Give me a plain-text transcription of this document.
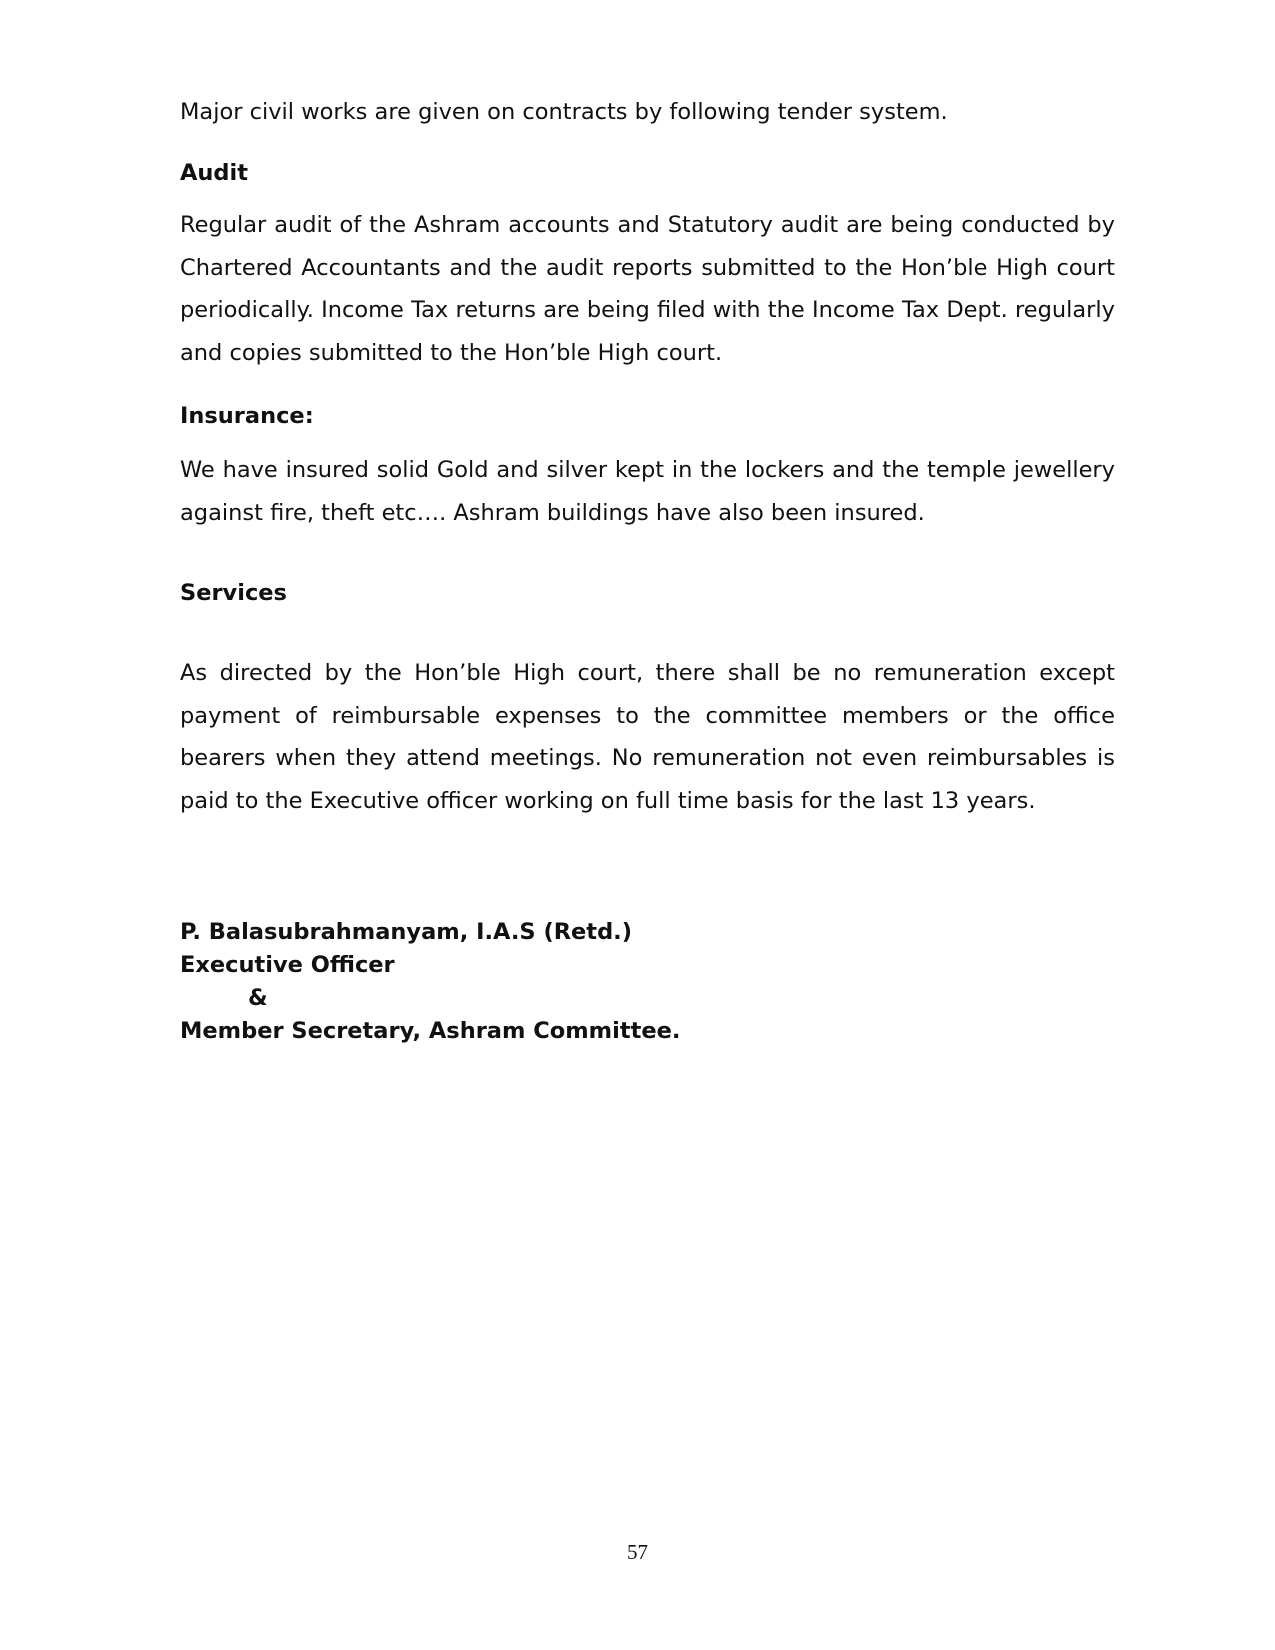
Major civil works are given on contracts by following tender system.

Audit

Regular audit of the Ashram accounts and Statutory audit are being conducted by Chartered Accountants and the audit reports submitted to the Hon’ble High court periodically. Income Tax returns are being filed with the Income Tax Dept. regularly and copies submitted to the Hon’ble High court.

Insurance:

We have insured solid Gold and silver kept in the lockers and the temple jewellery against fire, theft etc…. Ashram buildings have also been insured.

Services

As directed by the Hon’ble High court, there shall be no remuneration except payment of reimbursable expenses to the committee members or the office bearers when they attend meetings. No remuneration not even reimbursables is paid to the Executive officer working on full time basis for the last 13 years.

P. Balasubrahmanyam, I.A.S (Retd.)
Executive Officer
&
Member Secretary, Ashram Committee.
57
